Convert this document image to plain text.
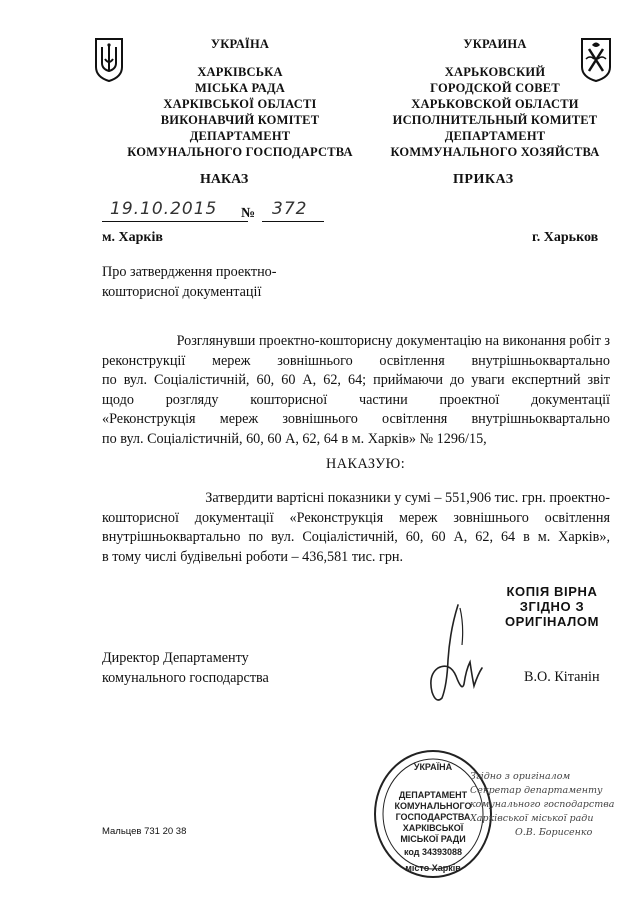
УКРАЇНА
ХАРКІВСЬКА
МІСЬКА РАДА
ХАРКІВСЬКОЇ ОБЛАСТІ
ВИКОНАВЧИЙ КОМІТЕТ
ДЕПАРТАМЕНТ
КОМУНАЛЬНОГО ГОСПОДАРСТВА
УКРАИНА
ХАРЬКОВСКИЙ
ГОРОДСКОЙ СОВЕТ
ХАРЬКОВСКОЙ ОБЛАСТИ
ИСПОЛНИТЕЛЬНЫЙ КОМИТЕТ
ДЕПАРТАМЕНТ
КОММУНАЛЬНОГО ХОЗЯЙСТВА
НАКАЗ	ПРИКАЗ
19.10.2015	№ 372
м. Харків	г. Харьков
Про затвердження проектно-
кошторисної документації
Розглянувши проектно-кошторисну документацію на виконання робіт з
реконструкції мереж зовнішнього освітлення внутрішньоквартально
по вул. Соціалістичній, 60, 60 А, 62, 64; приймаючи до уваги експертний звіт
щодо розгляду кошторисної частини проектної документації
«Реконструкція мереж зовнішнього освітлення внутрішньоквартально
по вул. Соціалістичній, 60, 60 А, 62, 64 в м. Харків» № 1296/15,
НАКАЗУЮ:
Затвердити вартісні показники у сумі – 551,906 тис. грн. проектно-
кошторисної документації «Реконструкція мереж зовнішнього освітлення
внутрішньоквартально по вул. Соціалістичній, 60, 60 А, 62, 64 в м. Харків»,
в тому числі будівельні роботи – 436,581 тис. грн.
КОПІЯ ВІРНА
ЗГІДНО З
ОРИГІНАЛОМ
Директор Департаменту
комунального господарства	В.О. Кітанін
УКРАЇНА
ДЕПАРТАМЕНТ
КОМУНАЛЬНОГО
ГОСПОДАРСТВА
ХАРКІВСЬКОЇ
МІСЬКОЇ РАДИ
код 34393088
місто Харків
Згідно з оригіналом
Секретар департаменту
комунального господарства
Харківської міської ради
О.В. Борисенко
Мальцев 731 20 38
